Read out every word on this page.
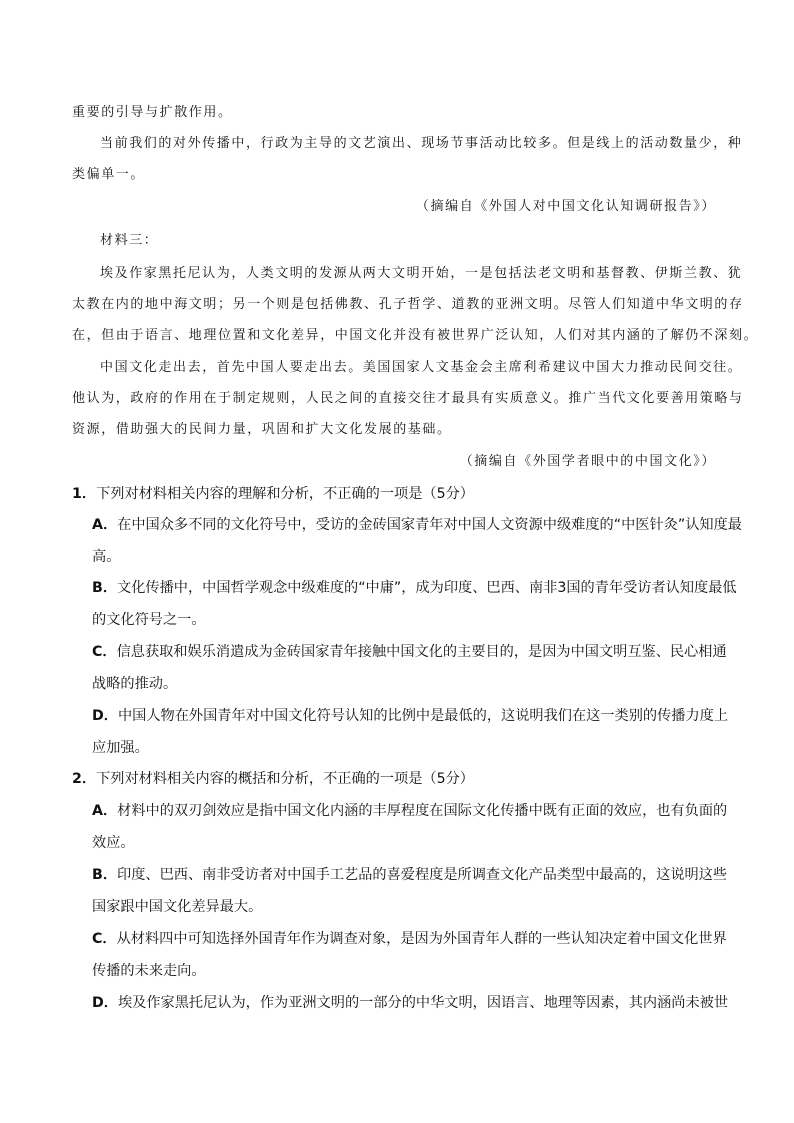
重要的引导与扩散作用。
当前我们的对外传播中，行政为主导的文艺演出、现场节事活动比较多。但是线上的活动数量少，种
类偏单一。
（摘编自《外国人对中国文化认知调研报告》）
材料三：
埃及作家黑托尼认为，人类文明的发源从两大文明开始，一是包括法老文明和基督教、伊斯兰教、犹
太教在内的地中海文明；另一个则是包括佛教、孔子哲学、道教的亚洲文明。尽管人们知道中华文明的存
在，但由于语言、地理位置和文化差异，中国文化并没有被世界广泛认知，人们对其内涵的了解仍不深刻。
中国文化走出去，首先中国人要走出去。美国国家人文基金会主席利希建议中国大力推动民间交往。
他认为，政府的作用在于制定规则，人民之间的直接交往才最具有实质意义。推广当代文化要善用策略与
资源，借助强大的民间力量，巩固和扩大文化发展的基础。
（摘编自《外国学者眼中的中国文化》）
1．下列对材料相关内容的理解和分析，不正确的一项是（5分）
A．在中国众多不同的文化符号中，受访的金砖国家青年对中国人文资源中级难度的“中医针灸”认知度最
高。
B．文化传播中，中国哲学观念中级难度的“中庸”，成为印度、巴西、南非3国的青年受访者认知度最低
的文化符号之一。
C．信息获取和娱乐消遣成为金砖国家青年接触中国文化的主要目的，是因为中国文明互鉴、民心相通
战略的推动。
D．中国人物在外国青年对中国文化符号认知的比例中是最低的，这说明我们在这一类别的传播力度上
应加强。
2．下列对材料相关内容的概括和分析，不正确的一项是（5分）
A．材料中的双刃剑效应是指中国文化内涵的丰厚程度在国际文化传播中既有正面的效应，也有负面的
效应。
B．印度、巴西、南非受访者对中国手工艺品的喜爱程度是所调查文化产品类型中最高的，这说明这些
国家跟中国文化差异最大。
C．从材料四中可知选择外国青年作为调查对象，是因为外国青年人群的一些认知决定着中国文化世界
传播的未来走向。
D．埃及作家黑托尼认为，作为亚洲文明的一部分的中华文明，因语言、地理等因素，其内涵尚未被世
